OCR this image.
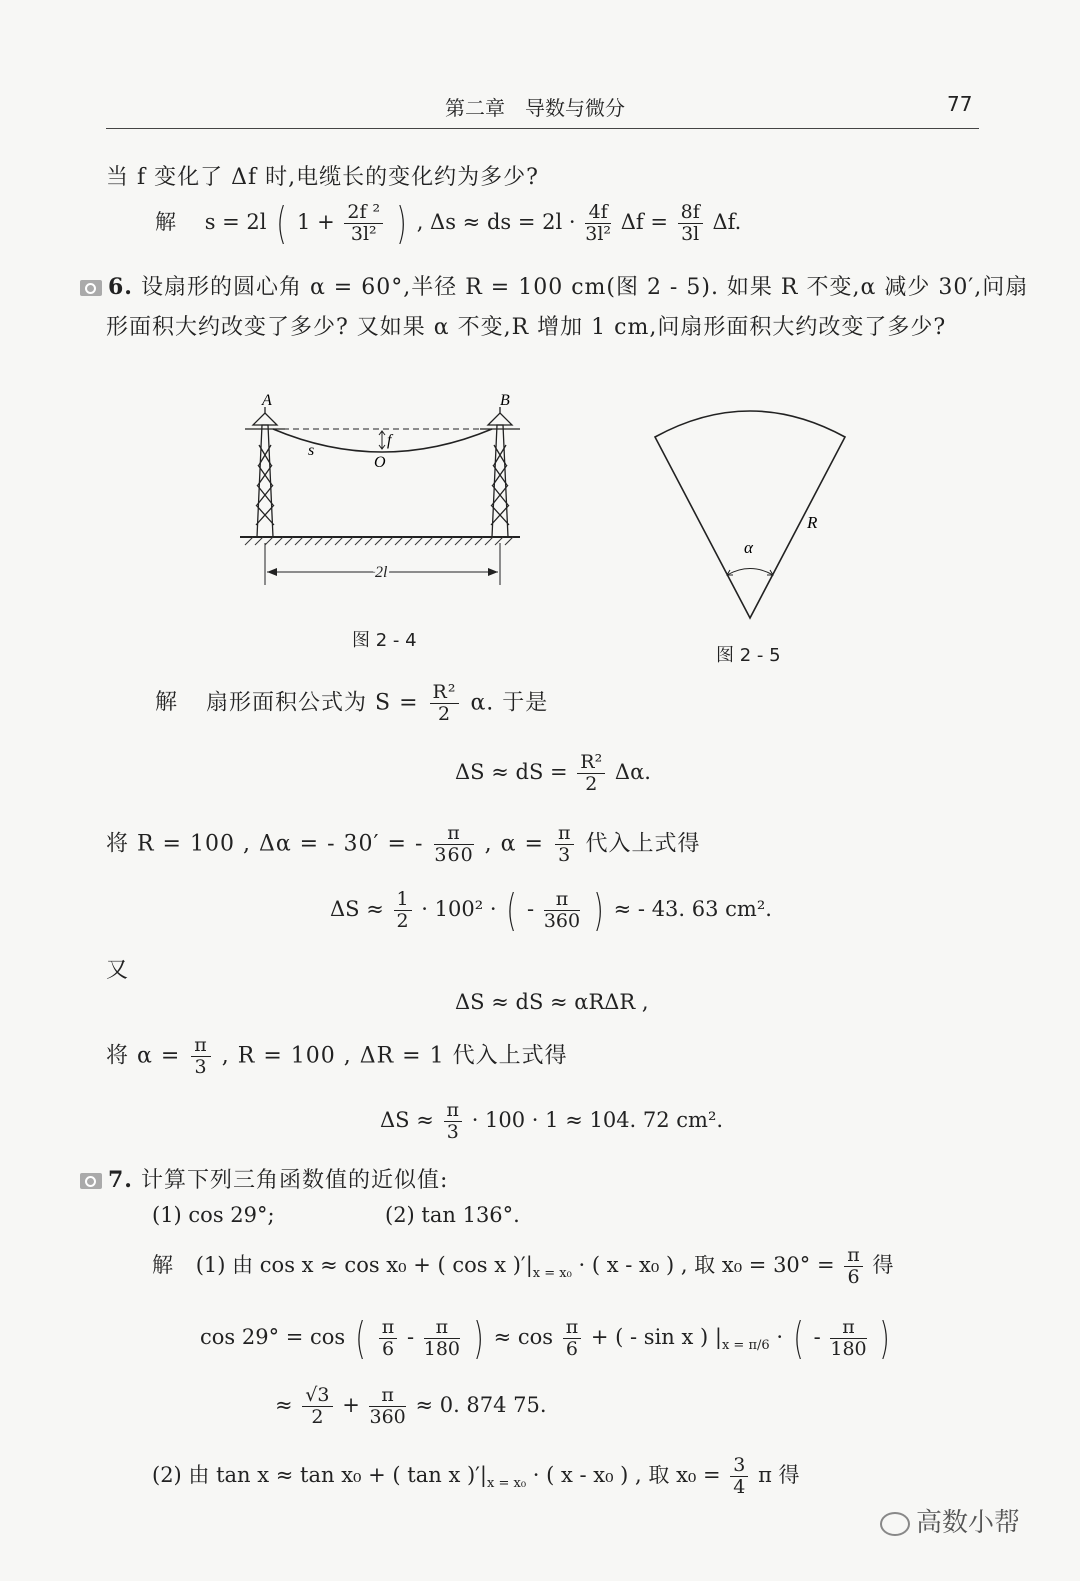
第二章　导数与微分	77
当 f 变化了 Δf 时,电缆长的变化约为多少?
解 s = 2l ( $1 + \frac{\text{2f ²}}{\text{3l²}}$ ) , Δs ≈ ds = $2l \cdot \frac{4f}{\text{3l²}}$ $\Delta f = \frac{8f}{3l} \Delta f$.
6. 设扇形的圆心角 α = 60°,半径 R = 100 cm(图 2 - 5). 如果 R 不变,α 减少 30′,问扇
形面积大约改变了多少? 又如果 α 不变,R 增加 1 cm,问扇形面积大约改变了多少?
A	B
f
s
O
2l
图 2 - 4
α
R
图 2 - 5
解 扇形面积公式为 $S = \frac{\text{R²}}{2} \alpha$. 于是
ΔS ≈ dS = $\frac{\text{R²}}{2} \Delta\alpha$.
将 R = 100 , Δα = - 30′ = - $\frac{\pi}{360}$ , $\alpha = \frac{\pi}{3}$ 代入上式得
$\Delta S \approx \frac{1}{2} \cdot 100^2$ · ( - $\frac{\pi}{360}$ ) ≈ - 43. 63 cm².
又
ΔS ≈ dS ≈ αRΔR ,
将 $\alpha = \frac{\pi}{3}$ , R = 100 , ΔR = 1 代入上式得
$\Delta S \approx \frac{\pi}{3} \cdot 100 \cdot 1 \approx 104$. 72 cm².
7. 计算下列三角函数值的近似值:
(1) cos 29°;	(2) tan 136°.
解 (1) 由 cos x ≈ cos x₀ + ( cos x )$'|_{x = x_0}$ · ( x - x₀ ) , 取 $x_0 = 30^\circ = \frac{\pi}{6}$ 得
cos 29° = cos ( $\frac{\pi}{6} - \frac{\pi}{180}$ ) ≈ $\cos \frac{\pi}{6}$ + ( - sin x ) $|_{x = \pi/6}$ · ( - $\frac{\pi}{180}$ )
≈ $\frac{√3}{2} + \frac{\pi}{360} \approx 0$. 874 75.
(2) 由 tan x ≈ tan x₀ + ( tan x )$'|_{x = x_0}$ · ( x - x₀ ) , 取 $x_0 = \frac{3}{4}$ π 得
高数小帮
